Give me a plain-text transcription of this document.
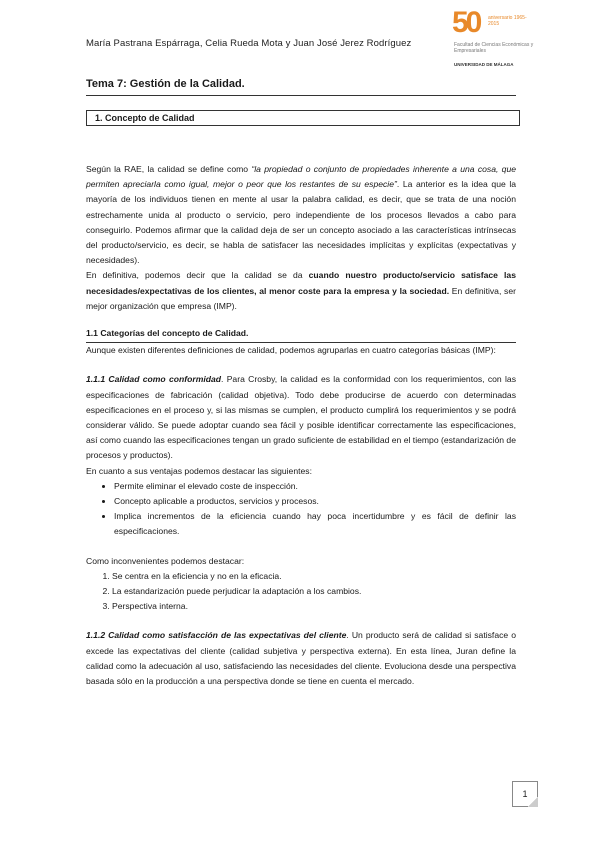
María Pastrana Espárraga, Celia Rueda Mota y Juan José Jerez Rodríguez
50 aniversario 1965-2015
Facultad de Ciencias Económicas y Empresariales
UNIVERSIDAD DE MÁLAGA
Tema 7: Gestión de la Calidad.
1. Concepto de Calidad

Según la RAE, la calidad se define como “la propiedad o conjunto de propiedades inherente a una cosa, que permiten apreciarla como igual, mejor o peor que los restantes de su especie”. La anterior es la idea que la mayoría de los individuos tienen en mente al usar la palabra calidad, es decir, que se trata de una noción estrechamente unida al producto o servicio, pero independiente de los procesos llevados a cabo para conseguirlo. Podemos afirmar que la calidad deja de ser un concepto asociado a las características intrínsecas del producto/servicio, es decir, se habla de satisfacer las necesidades implícitas y explícitas (expectativas y necesidades).

En definitiva, podemos decir que la calidad se da cuando nuestro producto/servicio satisface las necesidades/expectativas de los clientes, al menor coste para la empresa y la sociedad. En definitiva, ser mejor organización que empresa (IMP).

1.1 Categorías del concepto de Calidad.

Aunque existen diferentes definiciones de calidad, podemos agruparlas en cuatro categorías básicas (IMP):

1.1.1 Calidad como conformidad. Para Crosby, la calidad es la conformidad con los requerimientos, con las especificaciones de fabricación (calidad objetiva). Todo debe producirse de acuerdo con determinadas especificaciones en el proceso y, si las mismas se cumplen, el producto cumplirá los requerimientos y se podrá considerar válido. Se puede adoptar cuando sea fácil y posible identificar correctamente las especificaciones, así como cuando las especificaciones tengan un grado suficiente de estabilidad en el tiempo (estandarización de procesos y productos).

En cuanto a sus ventajas podemos destacar las siguientes:

• Permite eliminar el elevado coste de inspección.
• Concepto aplicable a productos, servicios y procesos.
• Implica incrementos de la eficiencia cuando hay poca incertidumbre y es fácil de definir las especificaciones.

Como inconvenientes podemos destacar:

1. Se centra en la eficiencia y no en la eficacia.
2. La estandarización puede perjudicar la adaptación a los cambios.
3. Perspectiva interna.

1.1.2 Calidad como satisfacción de las expectativas del cliente. Un producto será de calidad si satisface o excede las expectativas del cliente (calidad subjetiva y perspectiva externa). En esta línea, Juran define la calidad como la adecuación al uso, satisfaciendo las necesidades del cliente. Evoluciona desde una perspectiva basada sólo en la producción a una perspectiva donde se tiene en cuenta el mercado.

1
